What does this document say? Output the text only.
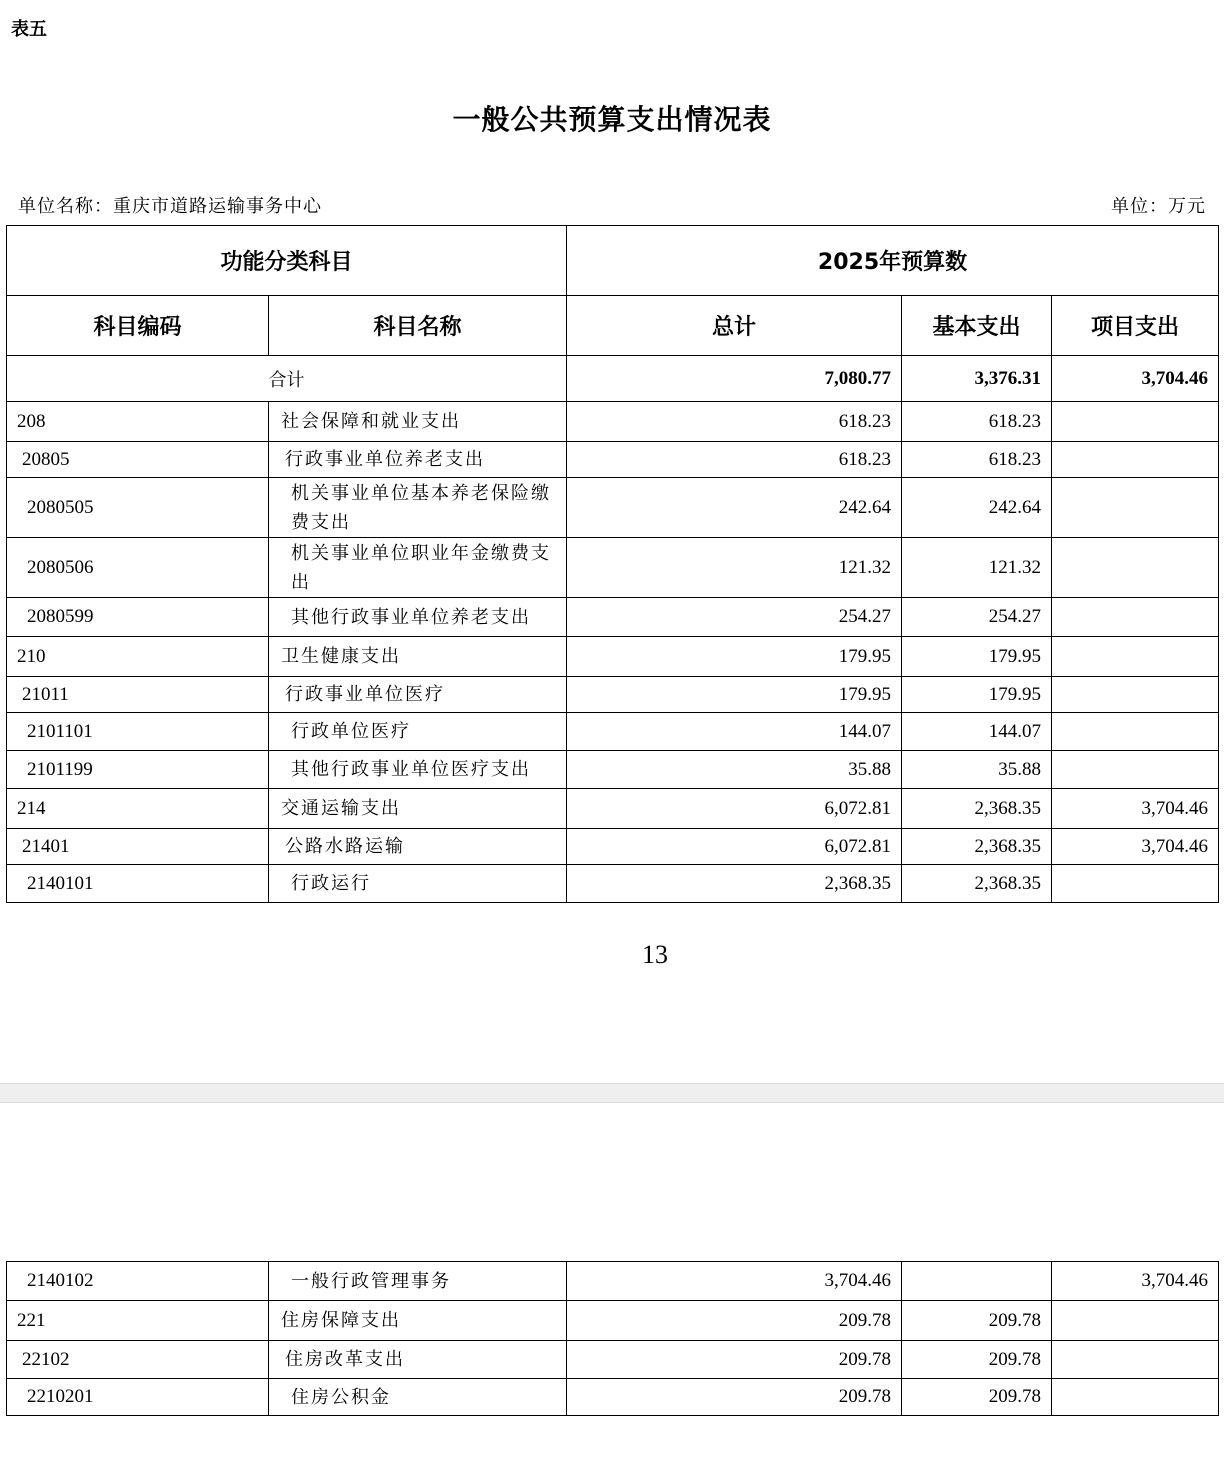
表五
一般公共预算支出情况表
单位名称：重庆市道路运输事务中心	单位：万元
功能分类科目		2025年预算数		
科目编码	科目名称	总计	基本支出	项目支出
合计		7,080.77	3,376.31	3,704.46
208	社会保障和就业支出	618.23	618.23	
20805	行政事业单位养老支出	618.23	618.23	
2080505	机关事业单位基本养老保险缴费支出	242.64	242.64	
2080506	机关事业单位职业年金缴费支出	121.32	121.32	
2080599	其他行政事业单位养老支出	254.27	254.27	
210	卫生健康支出	179.95	179.95	
21011	行政事业单位医疗	179.95	179.95	
2101101	行政单位医疗	144.07	144.07	
2101199	其他行政事业单位医疗支出	35.88	35.88	
214	交通运输支出	6,072.81	2,368.35	3,704.46
21401	公路水路运输	6,072.81	2,368.35	3,704.46
2140101	行政运行	2,368.35	2,368.35	
13
2140102	一般行政管理事务	3,704.46		3,704.46
221	住房保障支出	209.78	209.78	
22102	住房改革支出	209.78	209.78	
2210201	住房公积金	209.78	209.78	
